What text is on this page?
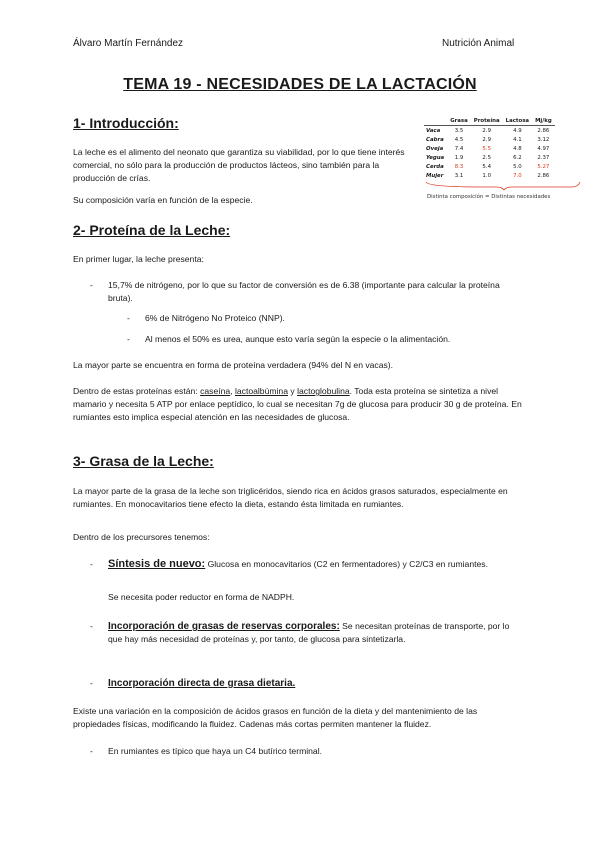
Álvaro Martín Fernández	Nutrición Animal
TEMA 19 - NECESIDADES DE LA LACTACIÓN
1- Introducción:
La leche es el alimento del neonato que garantiza su viabilidad, por lo que tiene interés comercial, no sólo para la producción de productos lácteos, sino también para la producción de crías.
Su composición varía en función de la especie.
	Grasa	Proteína	Lactosa	Mj/kg
Vaca	3.5	2.9	4.9	2.86
Cabra	4.5	2.9	4.1	3.12
Oveja	7.4	5.5	4.8	4.97
Yegua	1.9	2.5	6.2	2.37
Cerda	8.3	5.4	5.0	5.27
Mujer	3.1	1.0	7.0	2.86
Distinta composición = Distintas necesidades
2- Proteína de la Leche:
En primer lugar, la leche presenta:
- 15,7% de nitrógeno, por lo que su factor de conversión es de 6.38 (importante para calcular la proteína bruta).
- 6% de Nitrógeno No Proteico (NNP).
- Al menos el 50% es urea, aunque esto varía según la especie o la alimentación.
La mayor parte se encuentra en forma de proteína verdadera (94% del N en vacas).
Dentro de estas proteínas están: caseína, lactoalbúmina y lactoglobulina. Toda esta proteína se sintetiza a nivel mamario y necesita 5 ATP por enlace peptídico, lo cual se necesitan 7g de glucosa para producir 30 g de proteína. En rumiantes esto implica especial atención en las necesidades de glucosa.
3- Grasa de la Leche:
La mayor parte de la grasa de la leche son triglicéridos, siendo rica en ácidos grasos saturados, especialmente en rumiantes. En monocavitarios tiene efecto la dieta, estando ésta limitada en rumiantes.
Dentro de los precursores tenemos:
- Síntesis de nuevo: Glucosa en monocavitarios (C2 en fermentadores) y C2/C3 en rumiantes.
Se necesita poder reductor en forma de NADPH.
- Incorporación de grasas de reservas corporales: Se necesitan proteínas de transporte, por lo que hay más necesidad de proteínas y, por tanto, de glucosa para sintetizarla.
- Incorporación directa de grasa dietaria.
Existe una variación en la composición de ácidos grasos en función de la dieta y del mantenimiento de las propiedades físicas, modificando la fluidez. Cadenas más cortas permiten mantener la fluidez.
- En rumiantes es típico que haya un C4 butírico terminal.
